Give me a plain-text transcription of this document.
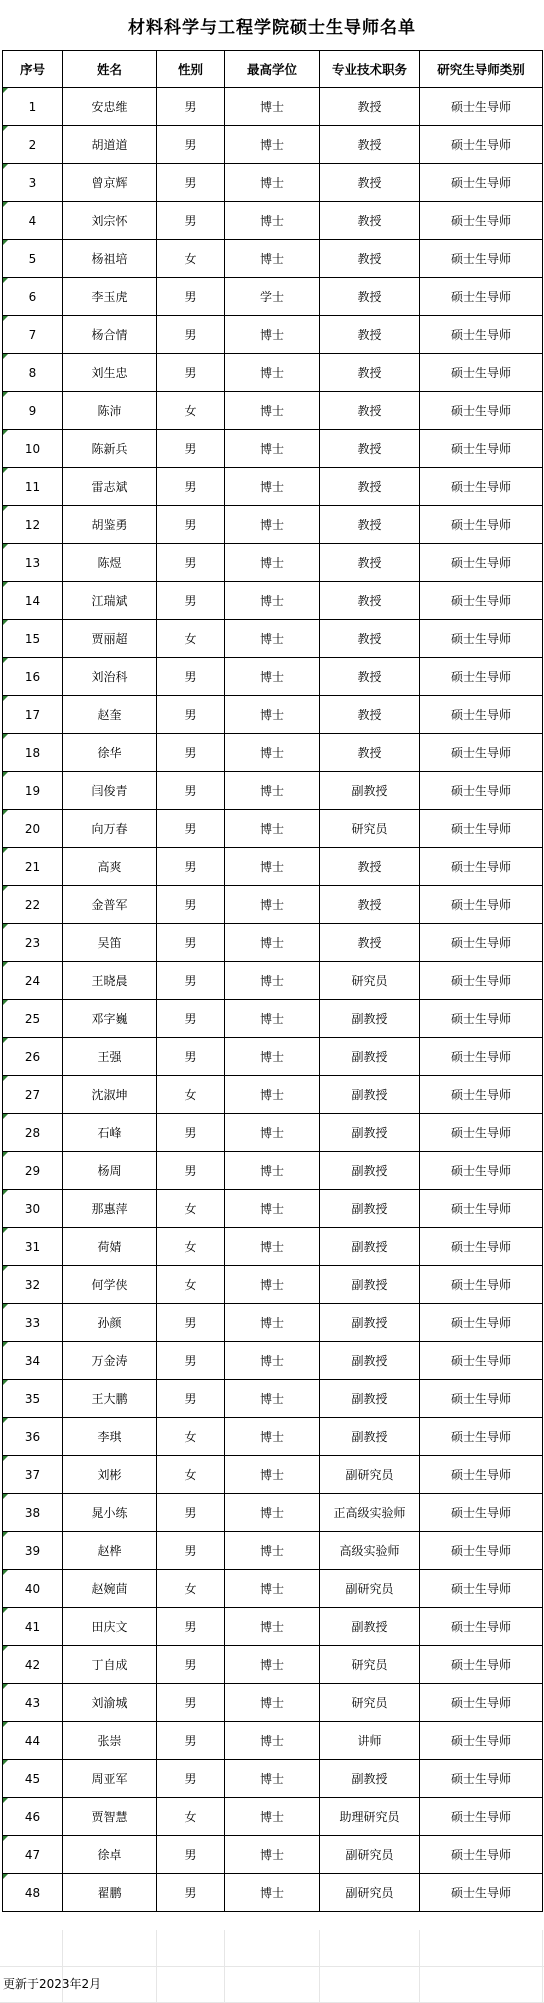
材料科学与工程学院硕士生导师名单
序号	姓名	性别	最高学位	专业技术职务	研究生导师类别
1	安忠维	男	博士	教授	硕士生导师
2	胡道道	男	博士	教授	硕士生导师
3	曾京辉	男	博士	教授	硕士生导师
4	刘宗怀	男	博士	教授	硕士生导师
5	杨祖培	女	博士	教授	硕士生导师
6	李玉虎	男	学士	教授	硕士生导师
7	杨合情	男	博士	教授	硕士生导师
8	刘生忠	男	博士	教授	硕士生导师
9	陈沛	女	博士	教授	硕士生导师
10	陈新兵	男	博士	教授	硕士生导师
11	雷志斌	男	博士	教授	硕士生导师
12	胡鉴勇	男	博士	教授	硕士生导师
13	陈煜	男	博士	教授	硕士生导师
14	江瑞斌	男	博士	教授	硕士生导师
15	贾丽超	女	博士	教授	硕士生导师
16	刘治科	男	博士	教授	硕士生导师
17	赵奎	男	博士	教授	硕士生导师
18	徐华	男	博士	教授	硕士生导师
19	闫俊青	男	博士	副教授	硕士生导师
20	向万春	男	博士	研究员	硕士生导师
21	高爽	男	博士	教授	硕士生导师
22	金普军	男	博士	教授	硕士生导师
23	吴笛	男	博士	教授	硕士生导师
24	王晓晨	男	博士	研究员	硕士生导师
25	邓字巍	男	博士	副教授	硕士生导师
26	王强	男	博士	副教授	硕士生导师
27	沈淑坤	女	博士	副教授	硕士生导师
28	石峰	男	博士	副教授	硕士生导师
29	杨周	男	博士	副教授	硕士生导师
30	那惠萍	女	博士	副教授	硕士生导师
31	荷婧	女	博士	副教授	硕士生导师
32	何学侠	女	博士	副教授	硕士生导师
33	孙颜	男	博士	副教授	硕士生导师
34	万金涛	男	博士	副教授	硕士生导师
35	王大鹏	男	博士	副教授	硕士生导师
36	李琪	女	博士	副教授	硕士生导师
37	刘彬	女	博士	副研究员	硕士生导师
38	晁小练	男	博士	正高级实验师	硕士生导师
39	赵桦	男	博士	高级实验师	硕士生导师
40	赵婉茴	女	博士	副研究员	硕士生导师
41	田庆文	男	博士	副教授	硕士生导师
42	丁自成	男	博士	研究员	硕士生导师
43	刘渝城	男	博士	研究员	硕士生导师
44	张崇	男	博士	讲师	硕士生导师
45	周亚军	男	博士	副教授	硕士生导师
46	贾智慧	女	博士	助理研究员	硕士生导师
47	徐卓	男	博士	副研究员	硕士生导师
48	翟鹏	男	博士	副研究员	硕士生导师
更新于2023年2月
